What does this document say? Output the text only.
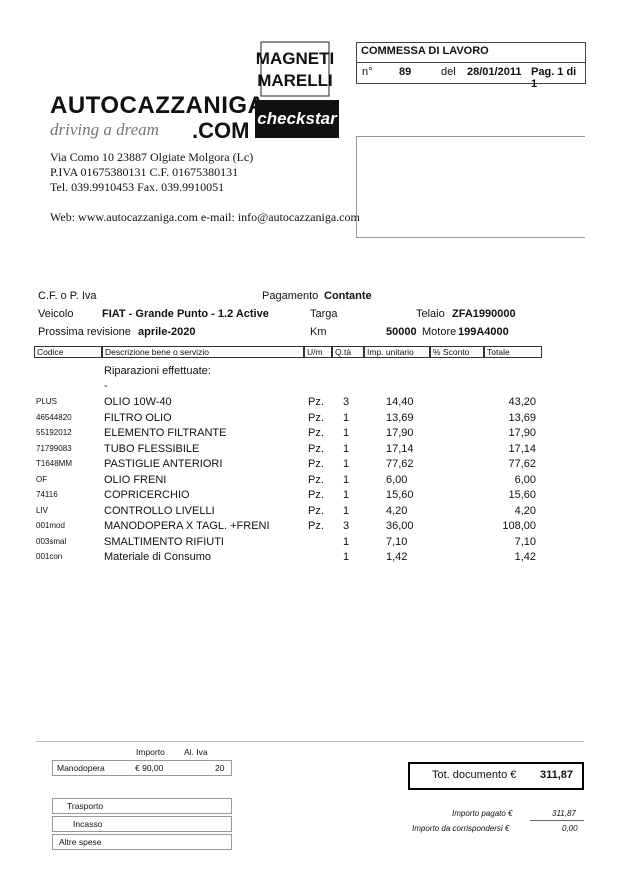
MAGNETI
MARELLI
checkstar
AUTOCAZZANIGA
driving a dream .COM
Via Como 10 23887 Olgiate Molgora (Lc)
P.IVA 01675380131 C.F. 01675380131
Tel. 039.9910453 Fax. 039.9910051
Web: www.autocazzaniga.com e-mail: info@autocazzaniga.com
COMMESSA DI LAVORO
n° 89	del 28/01/2011 Pag. 1 di 1
C.F. o P. Iva	Pagamento Contante
Veicolo	FIAT - Grande Punto - 1.2 Active	Targa	Telaio ZFA1990000
Prossima revisione aprile-2020	Km	50000 Motore 199A4000
Codice	Descrizione bene o servizio	U/m	Q.tà	Imp. unitario	% Sconto	Totale
Riparazioni effettuate:
-
PLUS	OLIO 10W-40	Pz. 3	14,40	43,20
46544820	FILTRO OLIO	Pz. 1	13,69	13,69
55192012	ELEMENTO FILTRANTE	Pz. 1	17,90	17,90
71799083	TUBO FLESSIBILE	Pz. 1	17,14	17,14
T1648MM	PASTIGLIE ANTERIORI	Pz. 1	77,62	77,62
OF	OLIO FRENI	Pz. 1	6,00	6,00
74116	COPRICERCHIO	Pz. 1	15,60	15,60
LIV	CONTROLLO LIVELLI	Pz. 1	4,20	4,20
001mod	MANODOPERA X TAGL. +FRENI	Pz. 3	36,00	108,00
003smal	SMALTIMENTO RIFIUTI	1	7,10	7,10
001con	Materiale di Consumo	1	1,42	1,42
Importo Al. Iva
Manodopera	€ 90,00	20
Trasporto
Incasso
Altre spese
Tot. documento € 311,87
Importo pagato €	311,87
Importo da corrispondersi €	0,00
